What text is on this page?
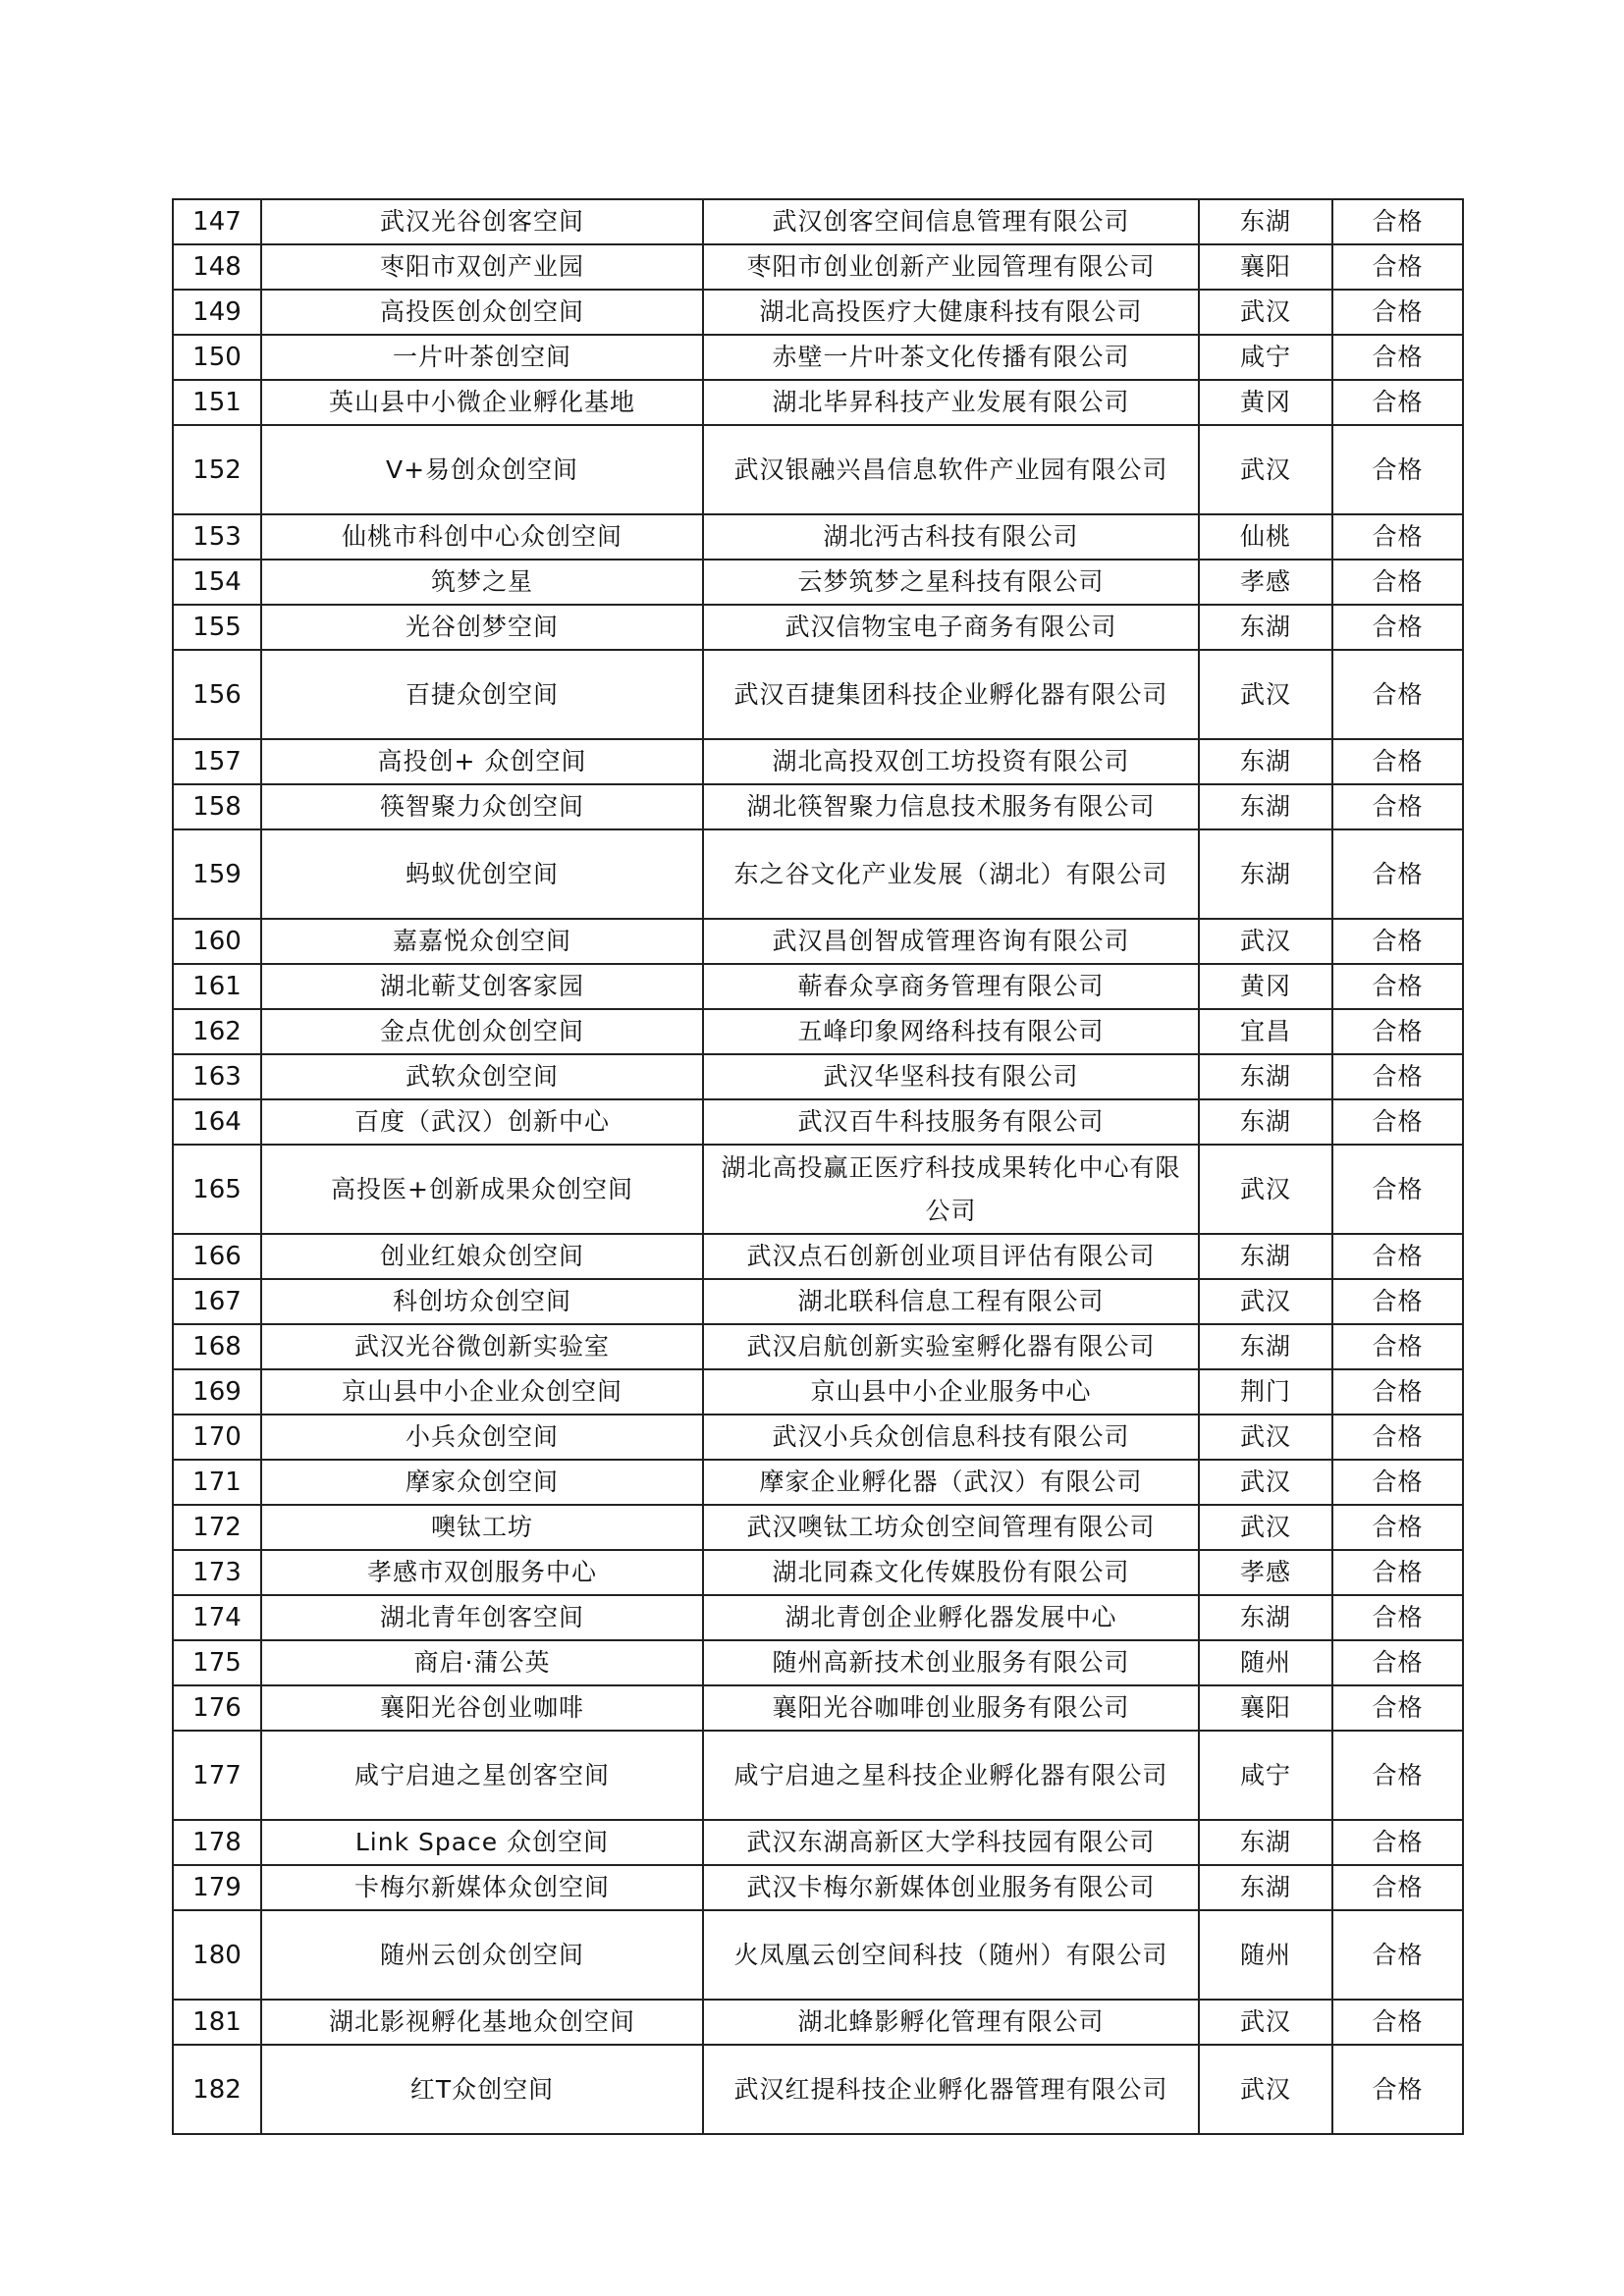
147	武汉光谷创客空间	武汉创客空间信息管理有限公司	东湖	合格
148	枣阳市双创产业园	枣阳市创业创新产业园管理有限公司	襄阳	合格
149	高投医创众创空间	湖北高投医疗大健康科技有限公司	武汉	合格
150	一片叶茶创空间	赤壁一片叶茶文化传播有限公司	咸宁	合格
151	英山县中小微企业孵化基地	湖北毕昇科技产业发展有限公司	黄冈	合格
152	V+易创众创空间	武汉银融兴昌信息软件产业园有限公司	武汉	合格
153	仙桃市科创中心众创空间	湖北沔古科技有限公司	仙桃	合格
154	筑梦之星	云梦筑梦之星科技有限公司	孝感	合格
155	光谷创梦空间	武汉信物宝电子商务有限公司	东湖	合格
156	百捷众创空间	武汉百捷集团科技企业孵化器有限公司	武汉	合格
157	高投创+ 众创空间	湖北高投双创工坊投资有限公司	东湖	合格
158	筷智聚力众创空间	湖北筷智聚力信息技术服务有限公司	东湖	合格
159	蚂蚁优创空间	东之谷文化产业发展（湖北）有限公司	东湖	合格
160	嘉嘉悦众创空间	武汉昌创智成管理咨询有限公司	武汉	合格
161	湖北蕲艾创客家园	蕲春众享商务管理有限公司	黄冈	合格
162	金点优创众创空间	五峰印象网络科技有限公司	宜昌	合格
163	武软众创空间	武汉华坚科技有限公司	东湖	合格
164	百度（武汉）创新中心	武汉百牛科技服务有限公司	东湖	合格
165	高投医+创新成果众创空间	湖北高投赢正医疗科技成果转化中心有限公司	武汉	合格
166	创业红娘众创空间	武汉点石创新创业项目评估有限公司	东湖	合格
167	科创坊众创空间	湖北联科信息工程有限公司	武汉	合格
168	武汉光谷微创新实验室	武汉启航创新实验室孵化器有限公司	东湖	合格
169	京山县中小企业众创空间	京山县中小企业服务中心	荆门	合格
170	小兵众创空间	武汉小兵众创信息科技有限公司	武汉	合格
171	摩家众创空间	摩家企业孵化器（武汉）有限公司	武汉	合格
172	噢钛工坊	武汉噢钛工坊众创空间管理有限公司	武汉	合格
173	孝感市双创服务中心	湖北同森文化传媒股份有限公司	孝感	合格
174	湖北青年创客空间	湖北青创企业孵化器发展中心	东湖	合格
175	商启·蒲公英	随州高新技术创业服务有限公司	随州	合格
176	襄阳光谷创业咖啡	襄阳光谷咖啡创业服务有限公司	襄阳	合格
177	咸宁启迪之星创客空间	咸宁启迪之星科技企业孵化器有限公司	咸宁	合格
178	Link Space 众创空间	武汉东湖高新区大学科技园有限公司	东湖	合格
179	卡梅尔新媒体众创空间	武汉卡梅尔新媒体创业服务有限公司	东湖	合格
180	随州云创众创空间	火凤凰云创空间科技（随州）有限公司	随州	合格
181	湖北影视孵化基地众创空间	湖北蜂影孵化管理有限公司	武汉	合格
182	红T众创空间	武汉红提科技企业孵化器管理有限公司	武汉	合格
